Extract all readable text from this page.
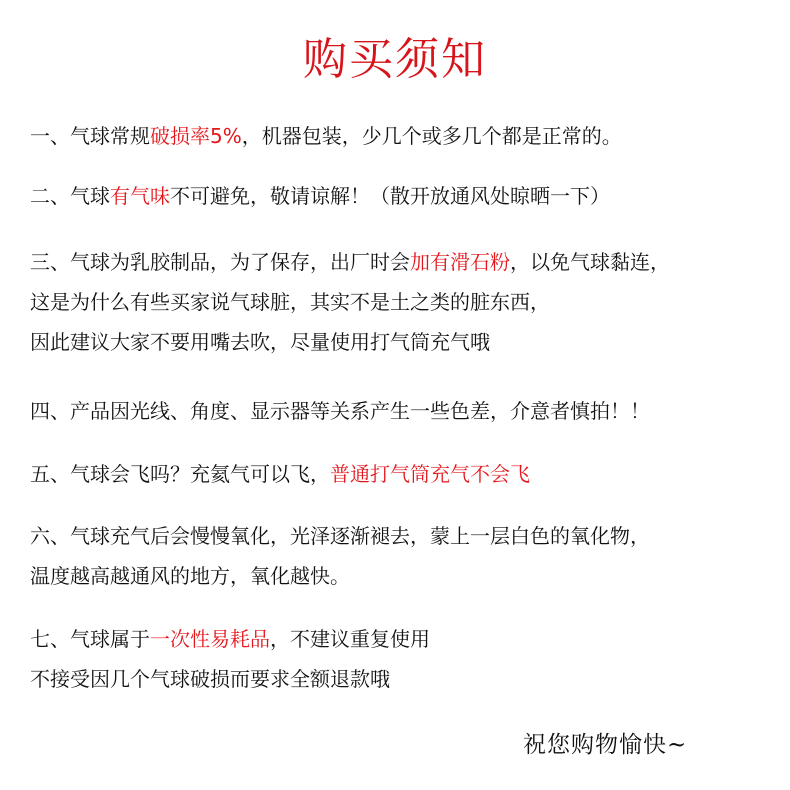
购买须知
一、气球常规破损率5%，机器包装，少几个或多几个都是正常的。
二、气球有气味不可避免，敬请谅解！（散开放通风处晾晒一下）
三、气球为乳胶制品，为了保存，出厂时会加有滑石粉，以免气球黏连，
这是为什么有些买家说气球脏，其实不是土之类的脏东西，
因此建议大家不要用嘴去吹，尽量使用打气筒充气哦
四、产品因光线、角度、显示器等关系产生一些色差，介意者慎拍！！
五、气球会飞吗？充氦气可以飞，普通打气筒充气不会飞
六、气球充气后会慢慢氧化，光泽逐渐褪去，蒙上一层白色的氧化物，
温度越高越通风的地方，氧化越快。
七、气球属于一次性易耗品，不建议重复使用
不接受因几个气球破损而要求全额退款哦
祝您购物愉快~
